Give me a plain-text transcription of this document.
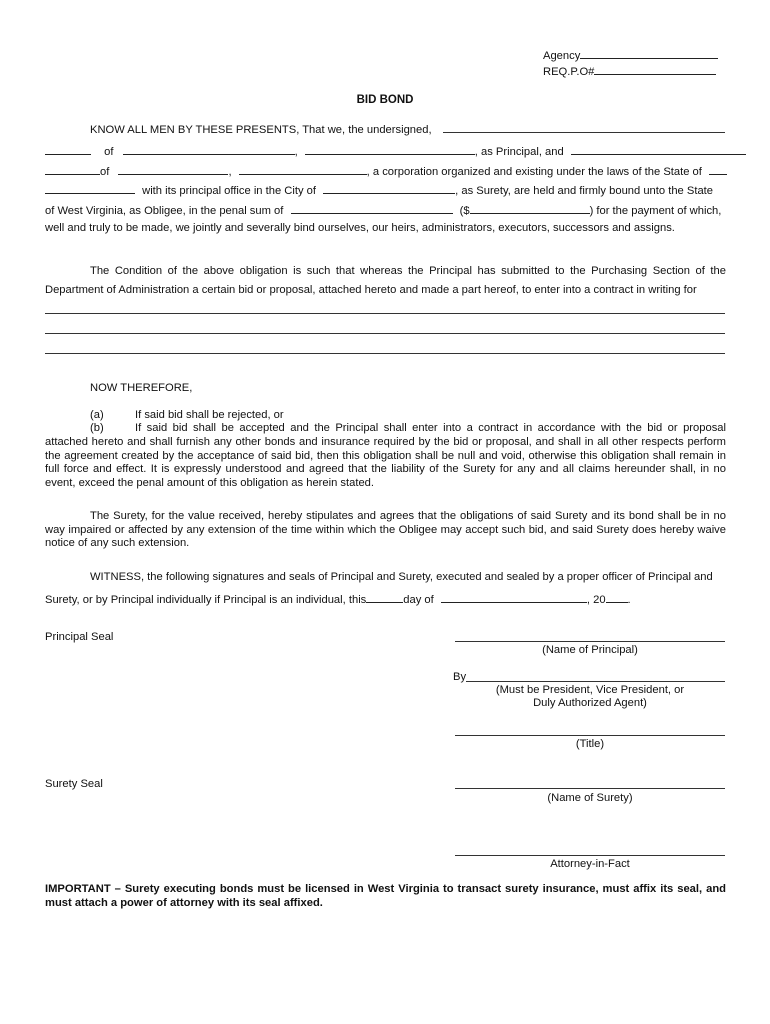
Agency
REQ.P.O#
BID BOND
KNOW ALL MEN BY THESE PRESENTS, That we, the undersigned,
of	,	, as Principal, and
of	,	, a corporation organized and existing under the laws of the State of
with its principal office in the City of	, as Surety, are held and firmly bound unto the State
of West Virginia, as Obligee, in the penal sum of	($	) for the payment of which,
well and truly to be made, we jointly and severally bind ourselves, our heirs, administrators, executors, successors and assigns.
The Condition of the above obligation is such that whereas the Principal has submitted to the Purchasing Section of the Department of Administration a certain bid or proposal, attached hereto and made a part hereof, to enter into a contract in writing for
NOW THEREFORE,
(a)	If said bid shall be rejected, or
(b)	If said bid shall be accepted and the Principal shall enter into a contract in accordance with the bid or proposal
attached hereto and shall furnish any other bonds and insurance required by the bid or proposal, and shall in all other respects perform the agreement created by the acceptance of said bid, then this obligation shall be null and void, otherwise this obligation shall remain in full force and effect. It is expressly understood and agreed that the liability of the Surety for any and all claims hereunder shall, in no event, exceed the penal amount of this obligation as herein stated.
The Surety, for the value received, hereby stipulates and agrees that the obligations of said Surety and its bond shall be in no way impaired or affected by any extension of the time within which the Obligee may accept such bid, and said Surety does hereby waive notice of any such extension.
WITNESS, the following signatures and seals of Principal and Surety, executed and sealed by a proper officer of Principal and
Surety, or by Principal individually if Principal is an individual, this	day of	, 20 .
Principal Seal
(Name of Principal)
By
(Must be President, Vice President, or
Duly Authorized Agent)
(Title)
Surety Seal
(Name of Surety)
Attorney-in-Fact
IMPORTANT – Surety executing bonds must be licensed in West Virginia to transact surety insurance, must affix its seal, and must attach a power of attorney with its seal affixed.
